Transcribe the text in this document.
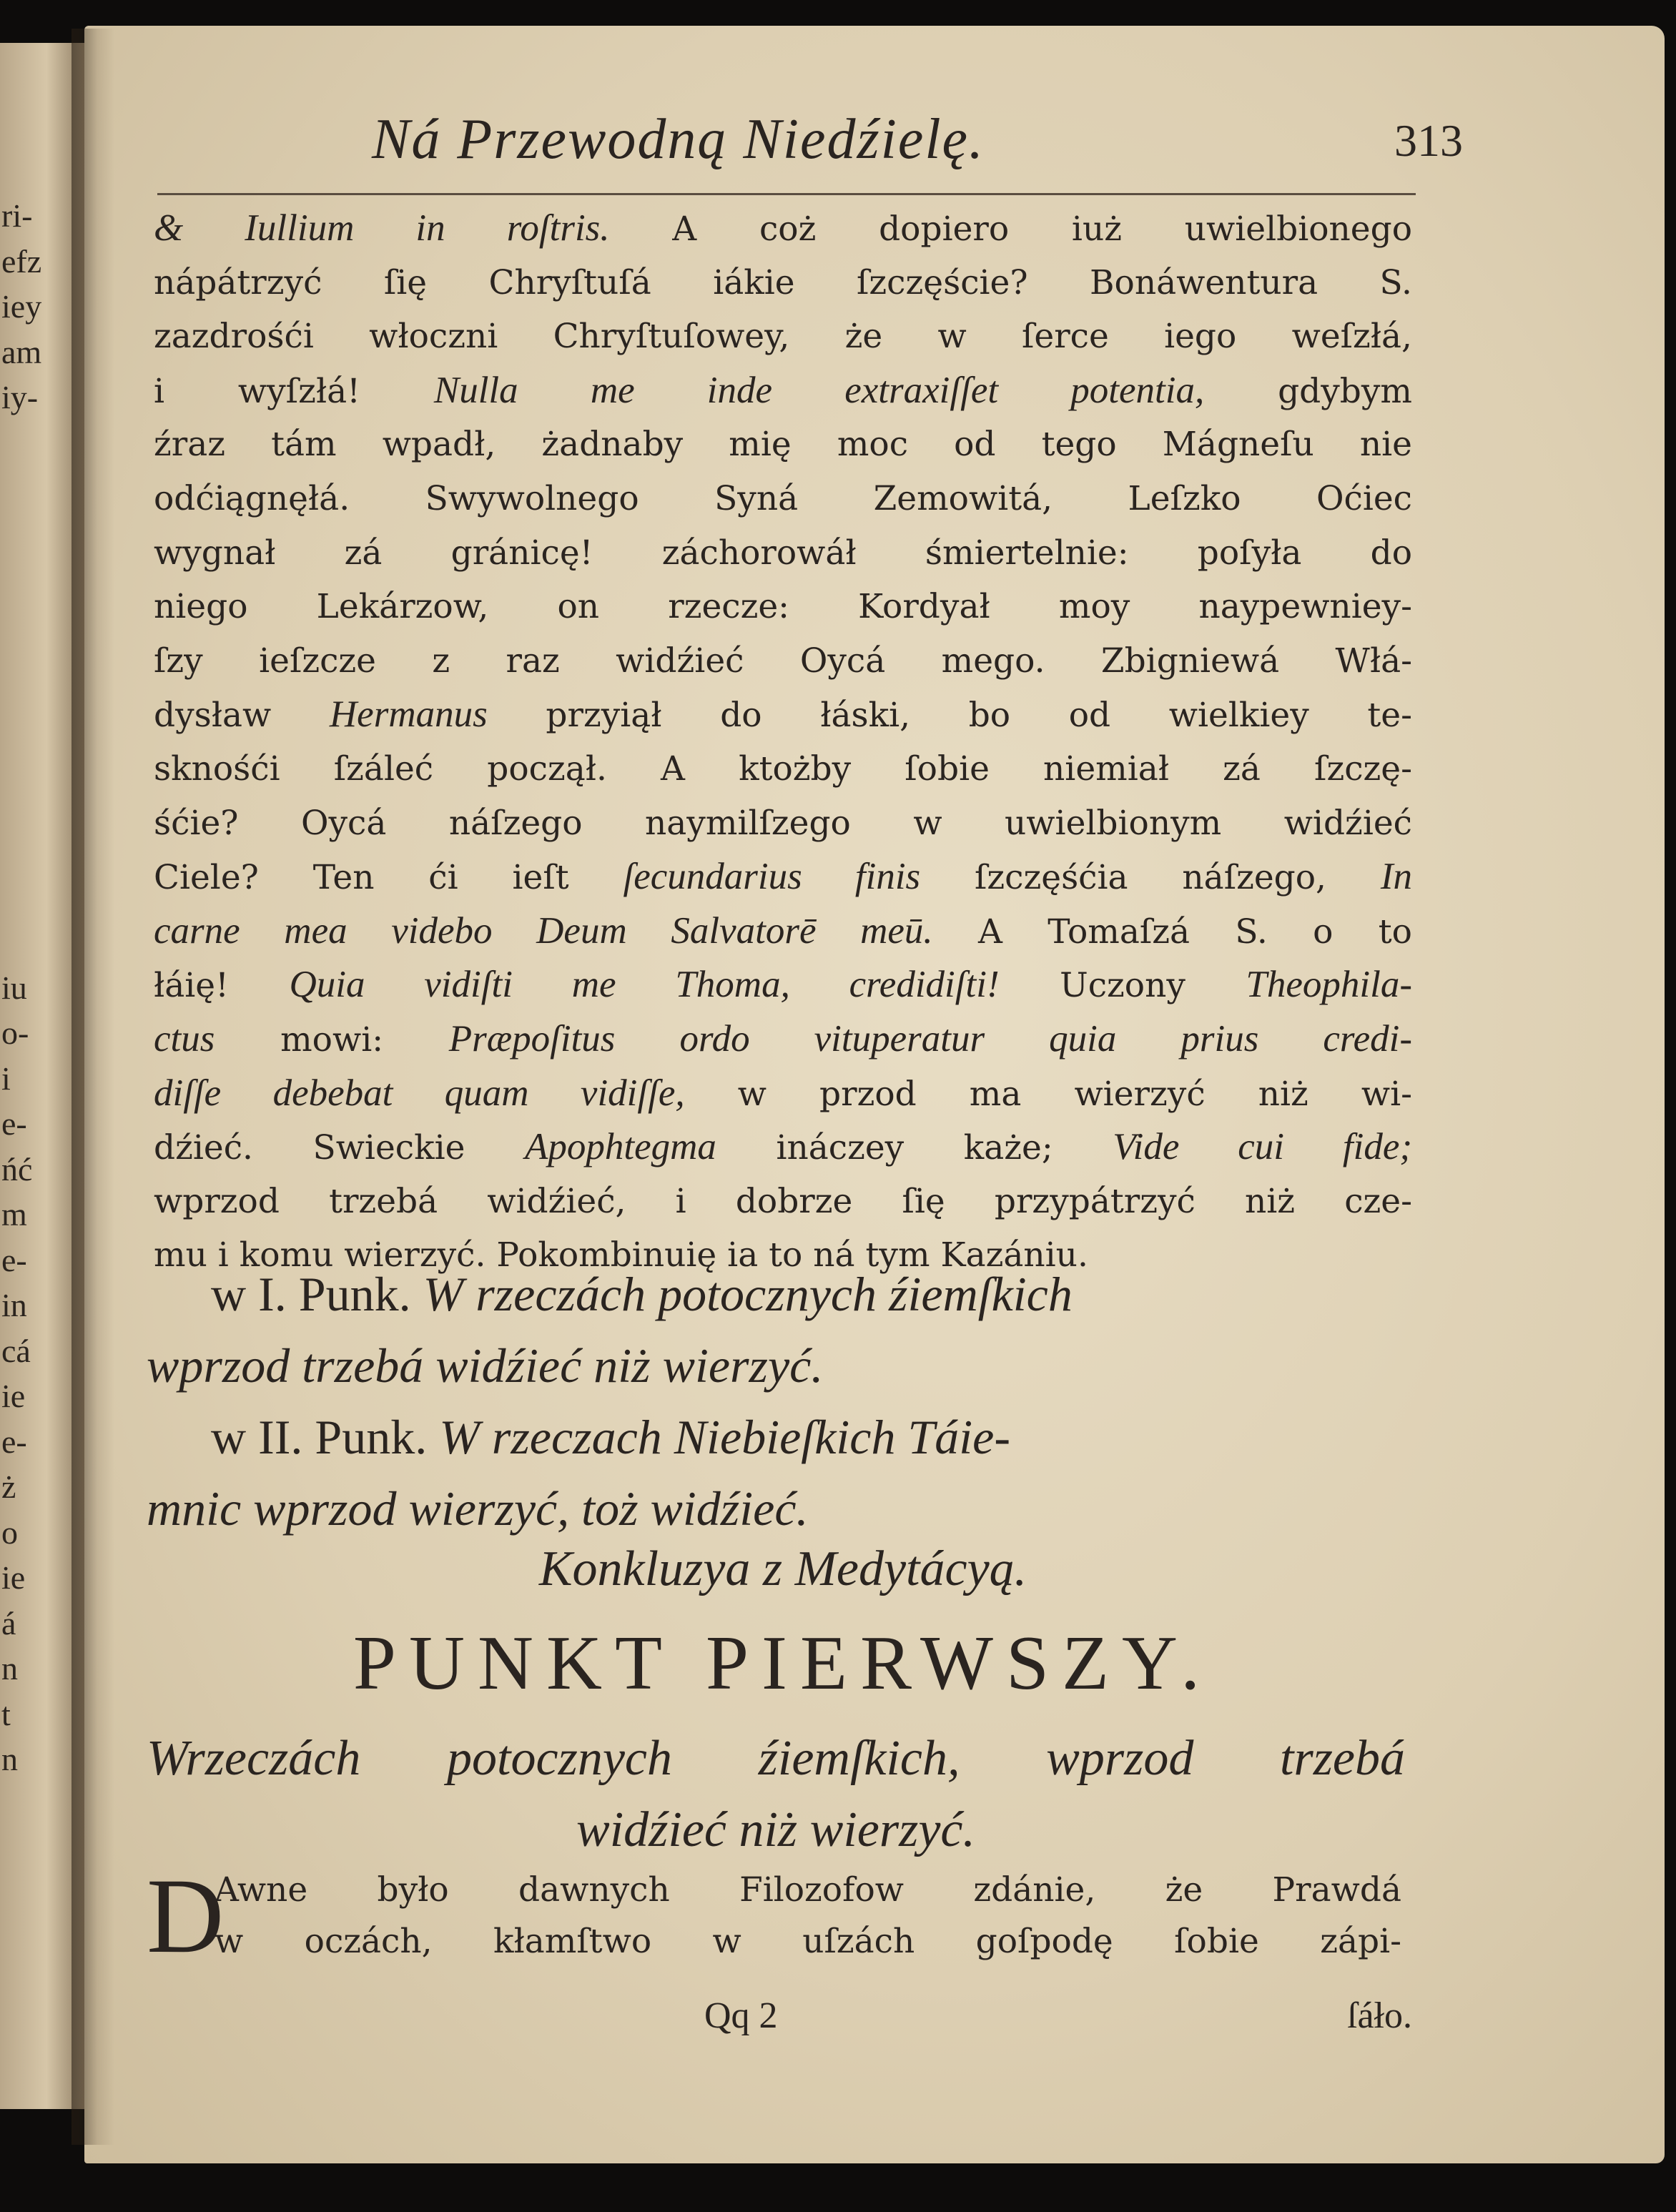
ri-
efz
iey
am
iy-

iu
o-
i
e-
ńć
m
e-
in
cá
ie
e-
ż
o
ie
á
n
t
n
Ná Przewodną Niedźielę.	313
& Iullium in roſtris. A coż dopiero iuż uwielbionego
nápátrzyć ſię Chryſtuſá iákie ſzczęście? Bonáwentura S.
zazdrośći włoczni Chryſtuſowey, że w ſerce iego weſzłá,
i wyſzłá! Nulla me inde extraxiſſet potentia, gdybym
źraz tám wpadł, żadnaby mię moc od tego Mágneſu nie
odćiągnęłá. Swywolnego Syná Zemowitá, Leſzko Oćiec
wygnał zá gránicę! záchorowáł śmiertelnie: poſyła do
niego Lekárzow, on rzecze: Kordyał moy naypewniey-
ſzy ieſzcze z raz widźieć Oycá mego. Zbigniewá Włá-
dysław Hermanus przyiął do łáski, bo od wielkiey te-
sknośći ſzáleć począł. A ktożby ſobie niemiał zá ſzczę-
śćie? Oycá náſzego naymilſzego w uwielbionym widźieć
Ciele? Ten ći ieſt ſecundarius finis ſzczęśćia náſzego, In
carne mea videbo Deum Salvatorē meū. A Tomaſzá S. o to
łáię! Quia vidiſti me Thoma, credidiſti! Uczony Theophila-
ctus mowi: Præpoſitus ordo vituperatur quia prius credi-
diſſe debebat quam vidiſſe, w przod ma wierzyć niż wi-
dźieć. Swieckie Apophtegma ináczey każe; Vide cui fide;
wprzod trzebá widźieć, i dobrze ſię przypátrzyć niż cze-
mu i komu wierzyć. Pokombinuię ia to ná tym Kazániu.
w I. Punk. W rzeczách potocznych źiemſkich
wprzod trzebá widźieć niż wierzyć.
w II. Punk. W rzeczach Niebieſkich Táie-
mnic wprzod wierzyć, toż widźieć.
Konkluzya z Medytácyą.
PUNKT PIERWSZY.
Wrzeczách potocznych źiemſkich, wprzod trzebá
widźieć niż wierzyć.
D
Awne było dawnych Filozofow zdánie, że Prawdá
w oczách, kłamſtwo w uſzách goſpodę ſobie zápi-
Qq 2	ſáło.
